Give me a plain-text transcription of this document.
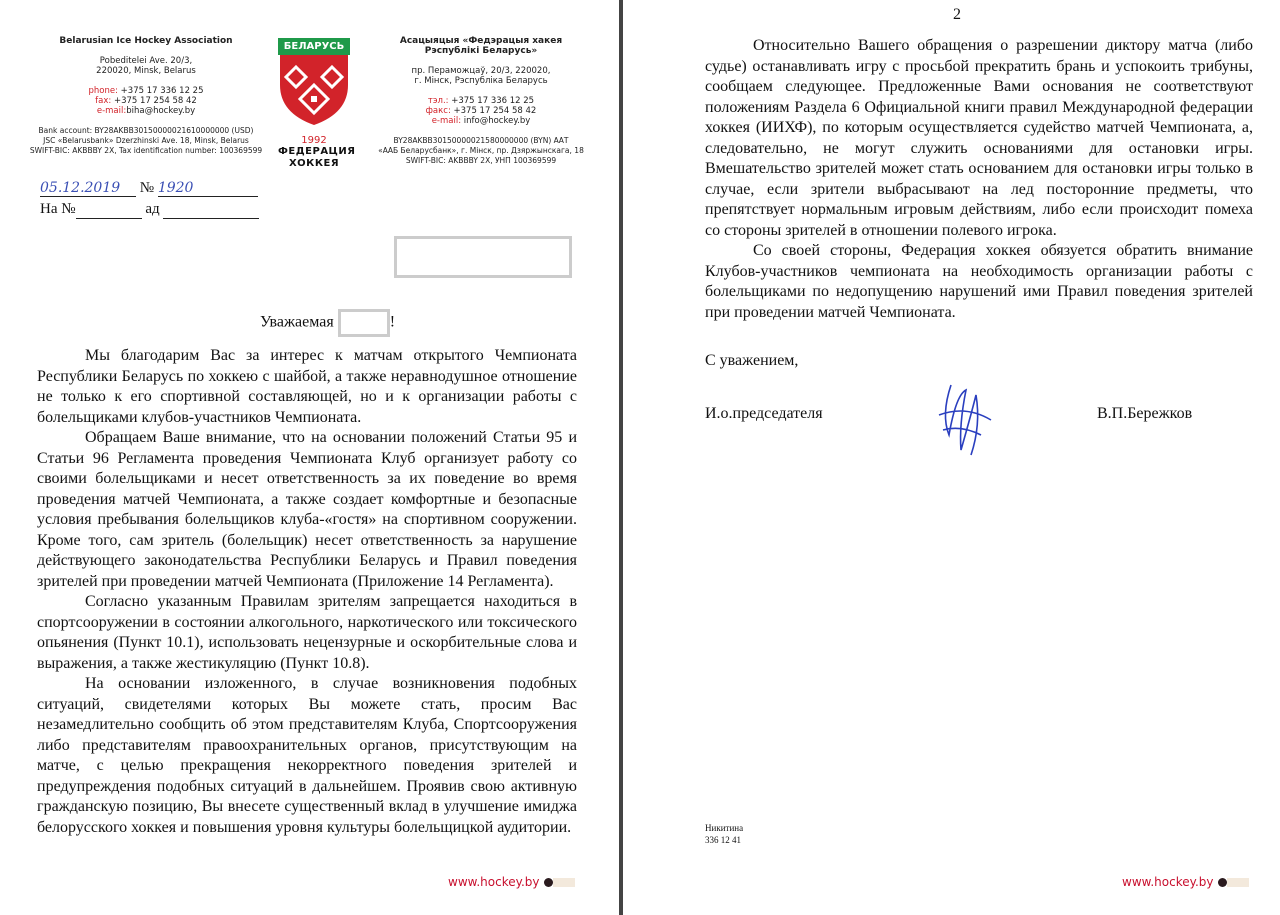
Belarusian Ice Hockey Association

Pobeditelei Ave. 20/3,
220020, Minsk, Belarus

phone: +375 17 336 12 25
fax: +375 17 254 58 42
e-mail:biha@hockey.by

Bank account: BY28AKBB30150000021610000000 (USD)
JSC «Belarusbank» Dzerzhinski Ave. 18, Minsk, Belarus
SWIFT-BIC: AKBBBY 2X, Tax identification number: 100369599
БЕЛАРУСЬ
1992
ФЕДЕРАЦИЯ
ХОККЕЯ
Асацыяцыя «Федэрацыя хакея
Рэспублікі Беларусь»

пр. Пераможцаў, 20/3, 220020,
г. Мінск, Рэспубліка Беларусь

тэл.: +375 17 336 12 25
факс: +375 17 254 58 42
e-mail: info@hockey.by

BY28AKBB30150000021580000000 (BYN) ААТ
«ААБ Беларусбанк», г. Мінск, пр. Дзяржынскага, 18
SWIFT-BIC: AKBBBY 2X, УНП 100369599
05.12.2019 № 1920
На №	ад
Уважаемая	!

Мы благодарим Вас за интерес к матчам открытого Чемпионата Республики Беларусь по хоккею с шайбой, а также неравнодушное отношение не только к его спортивной составляющей, но и к организации работы с болельщиками клубов-участников Чемпионата.

Обращаем Ваше внимание, что на основании положений Статьи 95 и Статьи 96 Регламента проведения Чемпионата Клуб организует работу со своими болельщиками и несет ответственность за их поведение во время проведения матчей Чемпионата, а также создает комфортные и безопасные условия пребывания болельщиков клуба-«гостя» на спортивном сооружении. Кроме того, сам зритель (болельщик) несет ответственность за нарушение действующего законодательства Республики Беларусь и Правил поведения зрителей при проведении матчей Чемпионата (Приложение 14 Регламента).

Согласно указанным Правилам зрителям запрещается находиться в спортсооружении в состоянии алкогольного, наркотического или токсического опьянения (Пункт 10.1), использовать нецензурные и оскорбительные слова и выражения, а также жестикуляцию (Пункт 10.8).

На основании изложенного, в случае возникновения подобных ситуаций, свидетелями которых Вы можете стать, просим Вас незамедлительно сообщить об этом представителям Клуба, Спортсооружения либо представителям правоохранительных органов, присутствующим на матче, с целью прекращения некорректного поведения зрителей и предупреждения подобных ситуаций в дальнейшем. Проявив свою активную гражданскую позицию, Вы внесете существенный вклад в улучшение имиджа белорусского хоккея и повышения уровня культуры болельщицкой аудитории.

www.hockey.by
2

Относительно Вашего обращения о разрешении диктору матча (либо судье) останавливать игру с просьбой прекратить брань и успокоить трибуны, сообщаем следующее. Предложенные Вами основания не соответствуют положениям Раздела 6 Официальной книги правил Международной федерации хоккея (ИИХФ), по которым осуществляется судейство матчей Чемпионата, а, следовательно, не могут служить основаниями для остановки игры. Вмешательство зрителей может стать основанием для остановки игры только в случае, если зрители выбрасывают на лед посторонние предметы, что препятствует нормальным игровым действиям, либо если происходит помеха со стороны зрителей в отношении полевого игрока.

Со своей стороны, Федерация хоккея обязуется обратить внимание Клубов-участников чемпионата на необходимость организации работы с болельщиками по недопущению нарушений ими Правил поведения зрителей при проведении матчей Чемпионата.

С уважением,
И.о.председателя	В.П.Бережков
Никитина
336 12 41
www.hockey.by
